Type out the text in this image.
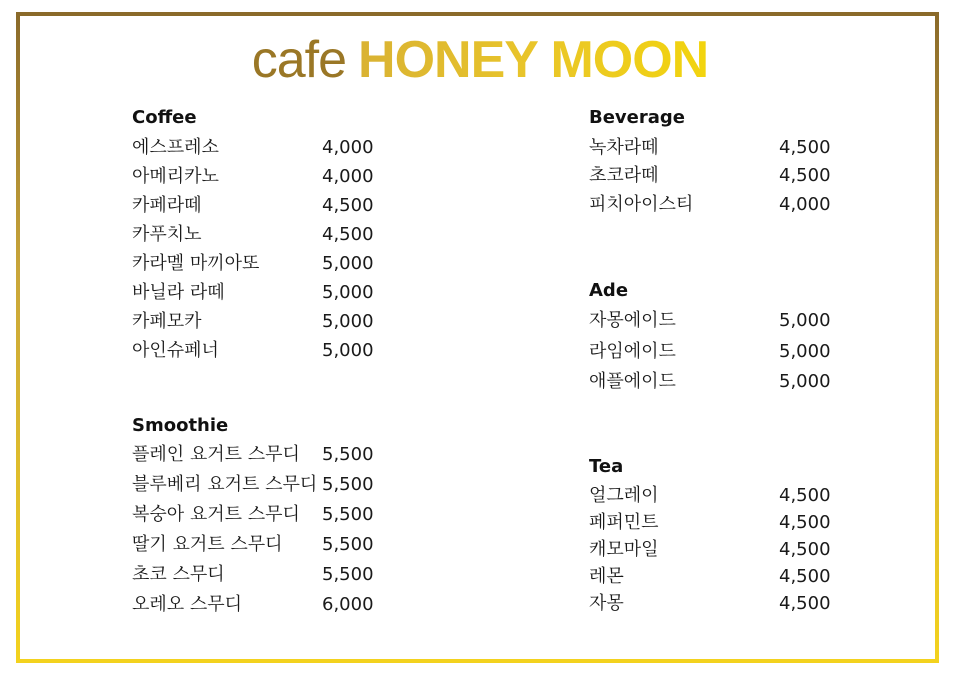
cafe HONEY MOON
Coffee
에스프레소	4,000
아메리카노	4,000
카페라떼	4,500
카푸치노	4,500
카라멜 마끼아또	5,000
바닐라 라떼	5,000
카페모카	5,000
아인슈페너	5,000
Smoothie
플레인 요거트 스무디 5,500
블루베리 요거트 스무디 5,500
복숭아 요거트 스무디 5,500
딸기 요거트 스무디 5,500
초코 스무디	5,500
오레오 스무디	6,000
Beverage
녹차라떼	4,500
초코라떼	4,500
피치아이스티	4,000
Ade
자몽에이드	5,000
라임에이드	5,000
애플에이드	5,000
Tea
얼그레이	4,500
페퍼민트	4,500
캐모마일	4,500
레몬	4,500
자몽	4,500
